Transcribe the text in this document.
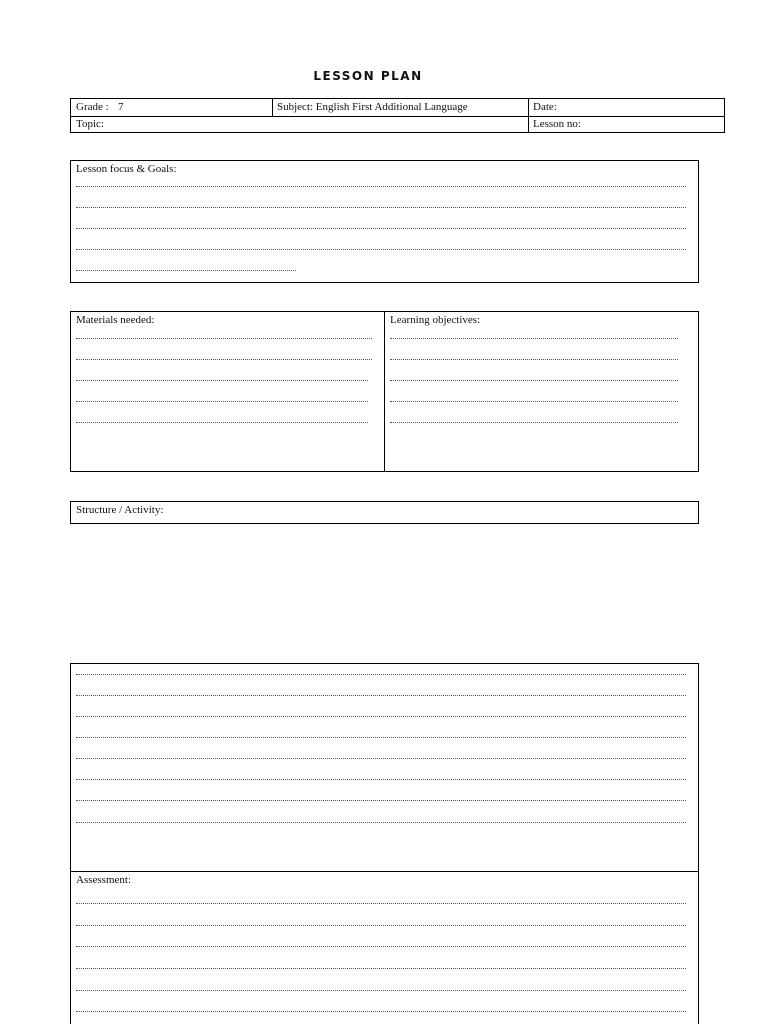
LESSON PLAN
Grade : 7	Subject: English First Additional Language	Date:
Topic:	Lesson no:
Lesson focus & Goals:
Materials needed:	Learning objectives:
Structure / Activity:
Assessment:
